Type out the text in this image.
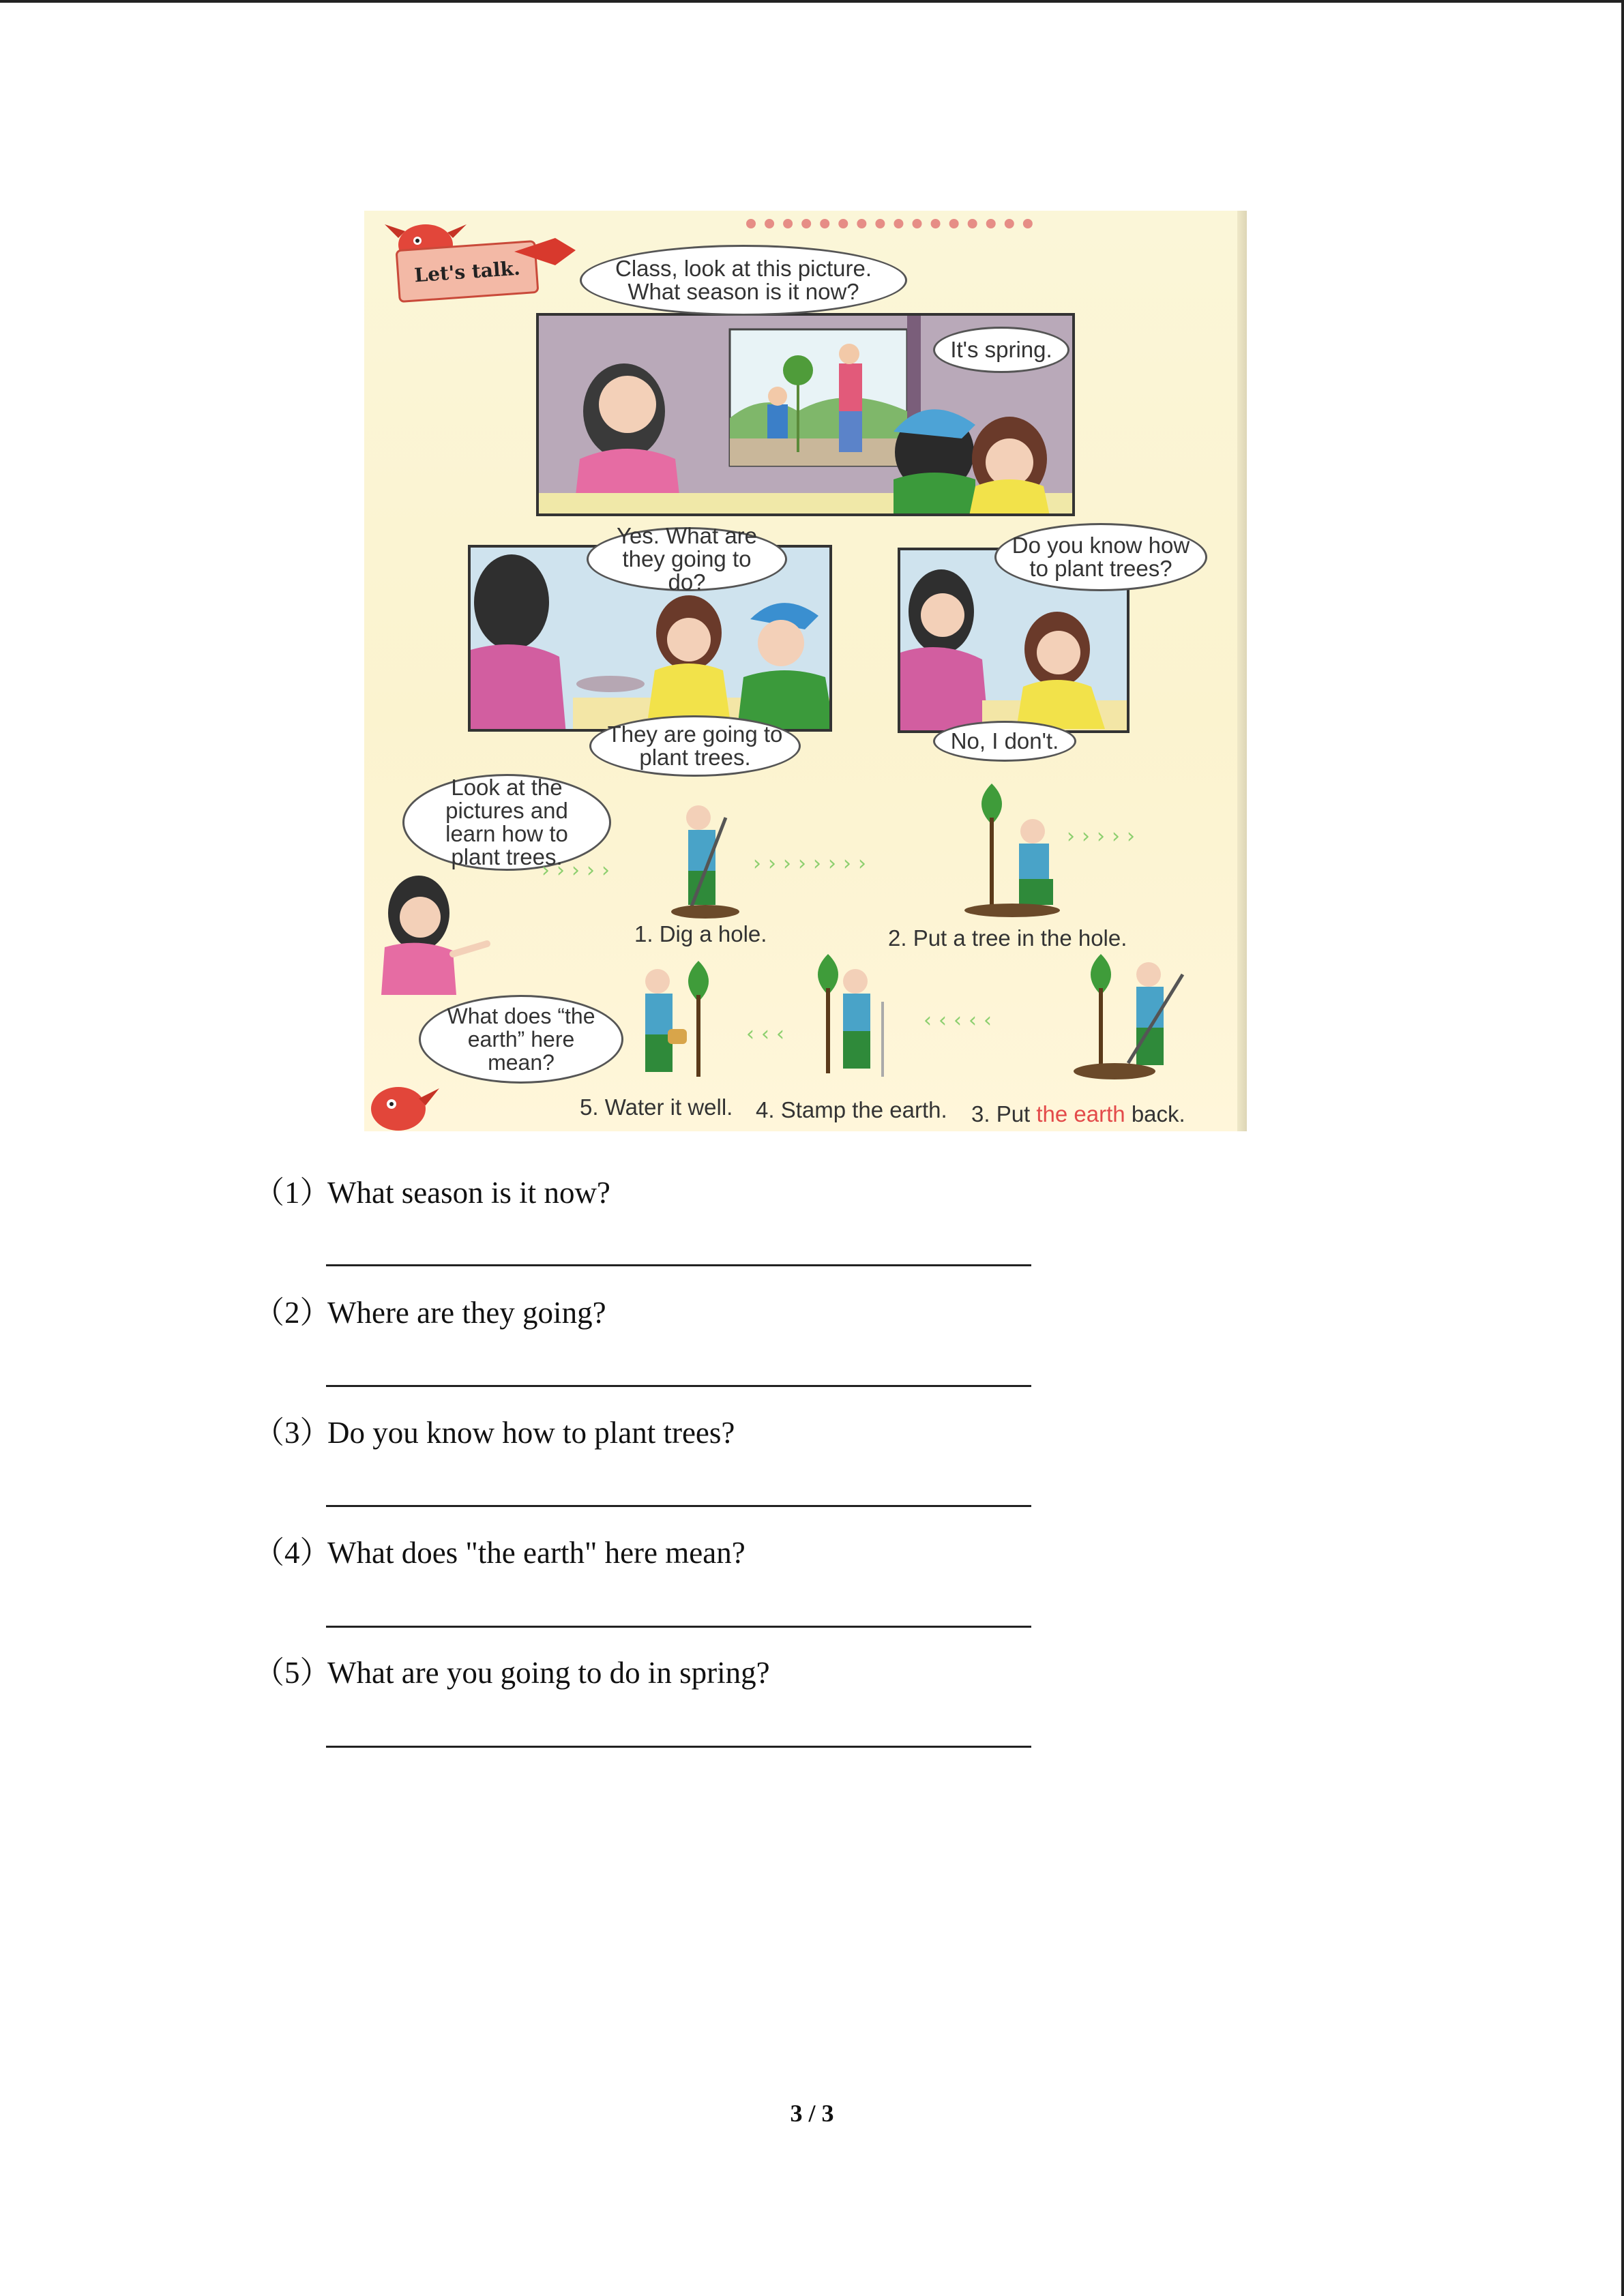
Let's talk.	Class, look at this picture. What season is it now?
It's spring.
Yes. What are they going to do?
They are going to plant trees.
Do you know how to plant trees?
No, I don't.
Look at the pictures and learn how to plant trees.
›››››	››››››››
›››››
‹‹‹‹‹
‹‹‹
1. Dig a hole.	2. Put a tree in the hole.
3. Put the earth back.
4. Stamp the earth.
5. Water it well.
What does “the earth” here mean?
（1）What season is it now?
（2）Where are they going?
（3）Do you know how to plant trees?
（4）What does "the earth" here mean?
（5）What are you going to do in spring?
3 / 3
